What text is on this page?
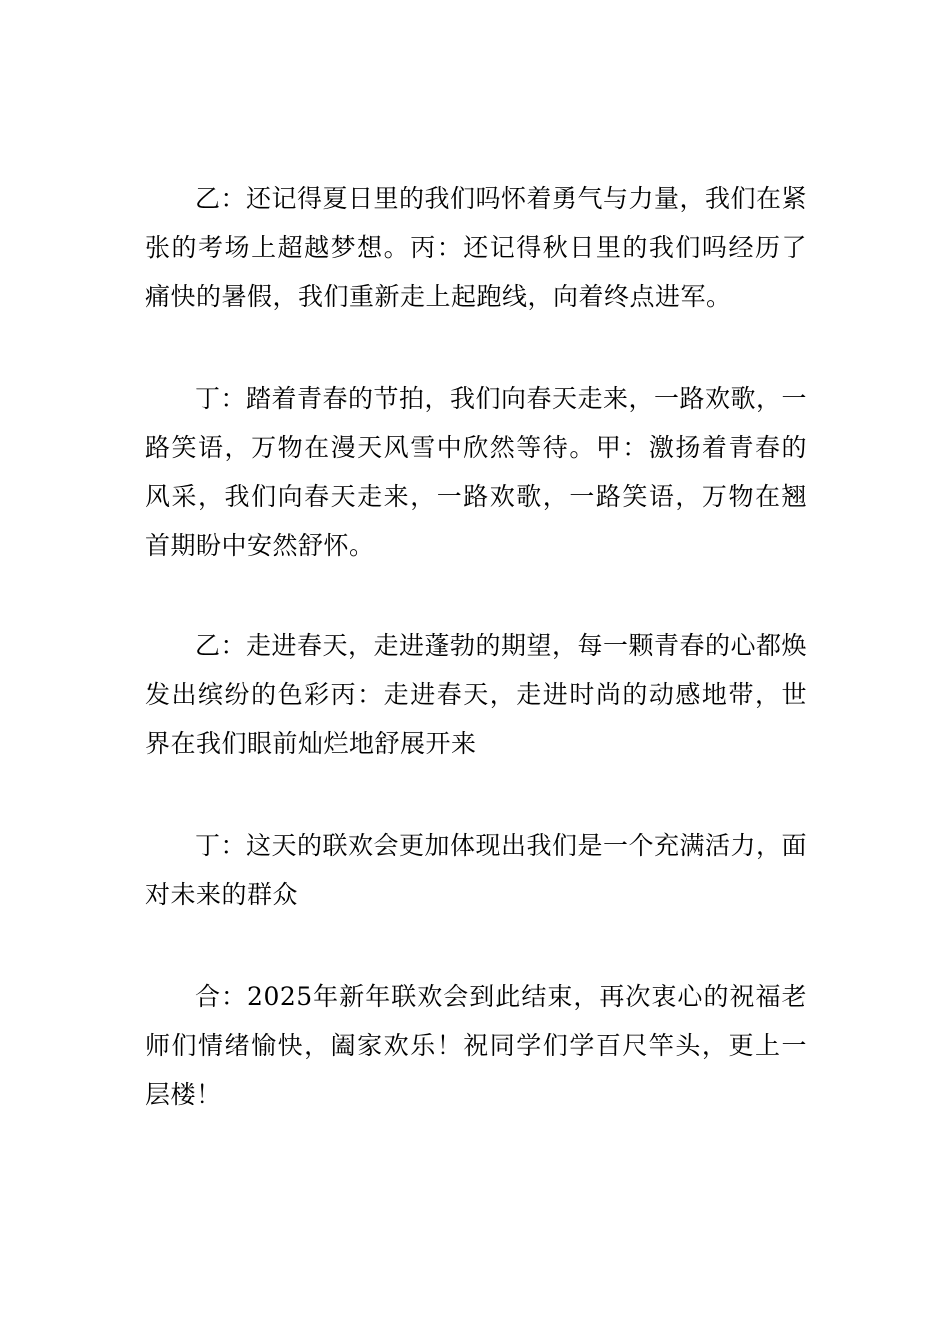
乙：还记得夏日里的我们吗怀着勇气与力量，我们在紧张的考场上超越梦想。丙：还记得秋日里的我们吗经历了痛快的暑假，我们重新走上起跑线，向着终点进军。

丁：踏着青春的节拍，我们向春天走来，一路欢歌，一路笑语，万物在漫天风雪中欣然等待。甲：激扬着青春的风采，我们向春天走来，一路欢歌，一路笑语，万物在翘首期盼中安然舒怀。

乙：走进春天，走进蓬勃的期望，每一颗青春的心都焕发出缤纷的色彩丙：走进春天，走进时尚的动感地带，世界在我们眼前灿烂地舒展开来

丁：这天的联欢会更加体现出我们是一个充满活力，面对未来的群众

合：2025年新年联欢会到此结束，再次衷心的祝福老师们情绪愉快，阖家欢乐！祝同学们学百尺竿头，更上一层楼！
